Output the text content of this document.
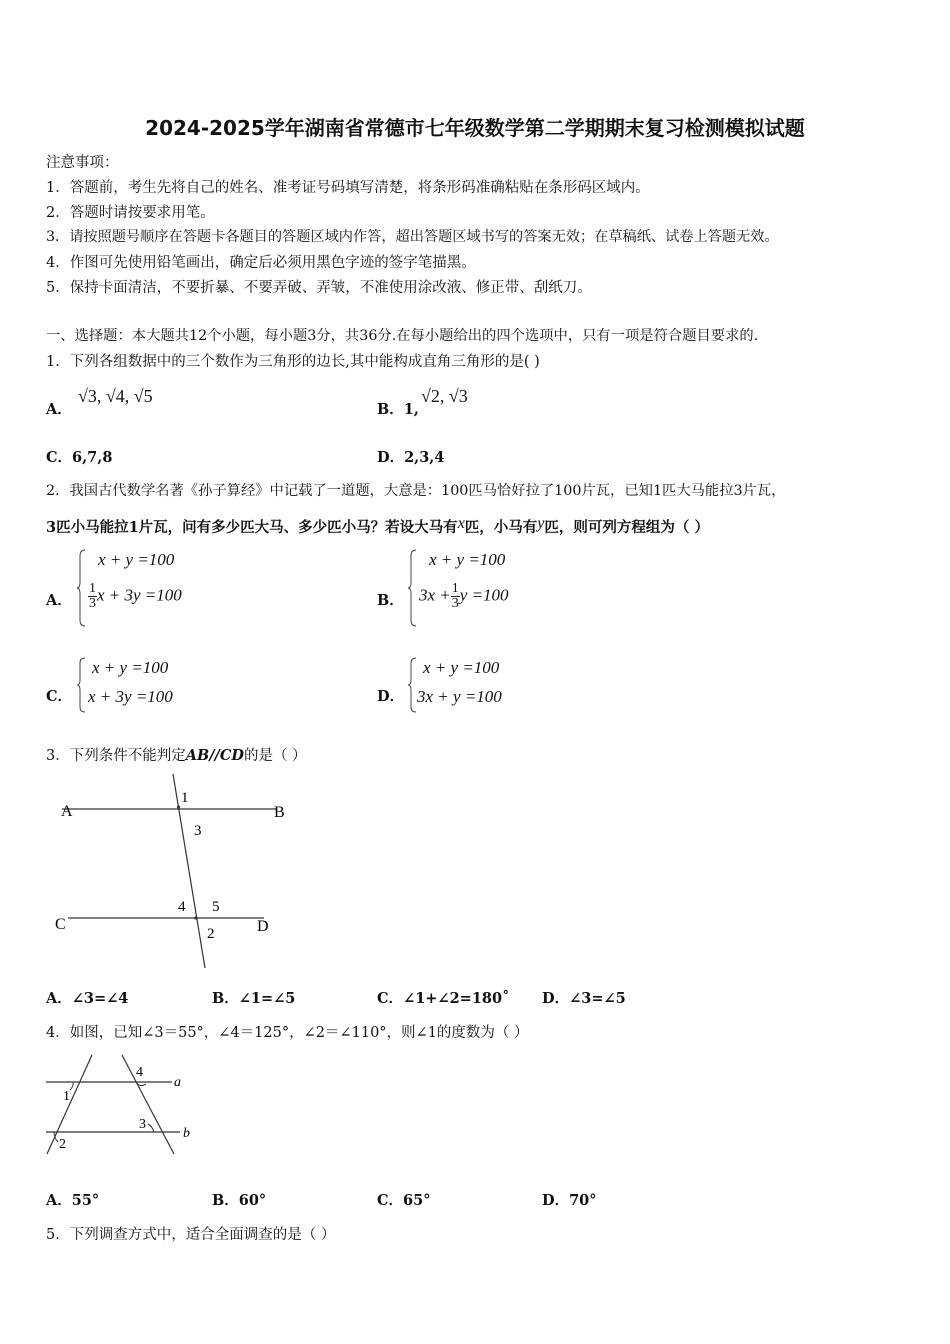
2024-2025学年湖南省常德市七年级数学第二学期期末复习检测模拟试题
注意事项：
1．答题前，考生先将自己的姓名、准考证号码填写清楚，将条形码准确粘贴在条形码区域内。
2．答题时请按要求用笔。
3．请按照题号顺序在答题卡各题目的答题区域内作答，超出答题区域书写的答案无效；在草稿纸、试卷上答题无效。
4．作图可先使用铅笔画出，确定后必须用黑色字迹的签字笔描黑。
5．保持卡面清洁，不要折暴、不要弄破、弄皱，不准使用涂改液、修正带、刮纸刀。
一、选择题：本大题共12个小题，每小题3分，共36分.在每小题给出的四个选项中，只有一项是符合题目要求的.
1．下列各组数据中的三个数作为三角形的边长,其中能构成直角三角形的是( )
A．
√3, √4, √5
B．1,
√2, √3
C．6,7,8	D．2,3,4
2．我国古代数学名著《孙子算经》中记载了一道题，大意是：100匹马恰好拉了100片瓦，已知1匹大马能拉3片瓦，
3匹小马能拉1片瓦，问有多少匹大马、多少匹小马？若设大马有x匹，小马有y匹，则可列方程组为（ ）
A．
x + y =100
$\frac{1}{3}$ x + 3y =100	B．
x + y =100
$3x + \frac{1}{3}$ y =100
C．
x + y =100
x + 3y =100	D．
x + y =100
3x + y =100
3．下列条件不能判定AB//CD的是（ ）
A	B
C	D
1
3
4 5
2
A．∠3=∠4	B．∠1=∠5	C．∠1+∠2=180˚ D．∠3=∠5
4．如图，已知∠3＝55°，∠4＝125°，∠2＝∠110°，则∠1的度数为（ ）
a
b
1
2
3
4
A．55°	B．60°	C．65°	D．70°
5．下列调查方式中，适合全面调查的是（ ）
